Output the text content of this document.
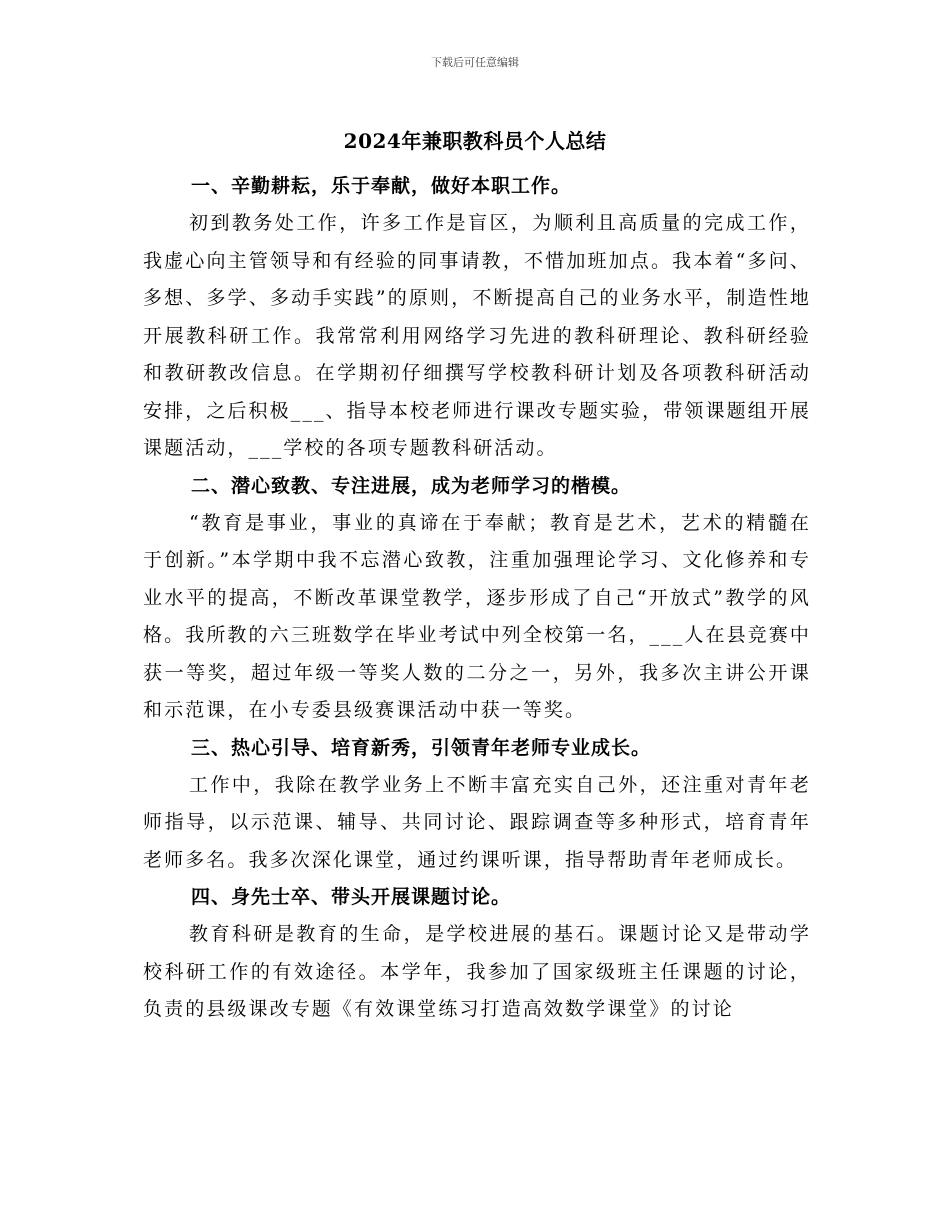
下载后可任意编辑
2024年兼职教科员个人总结

一、辛勤耕耘，乐于奉献，做好本职工作。

初到教务处工作，许多工作是盲区，为顺利且高质量的完成工作，我虚心向主管领导和有经验的同事请教，不惜加班加点。我本着“多问、多想、多学、多动手实践”的原则，不断提高自己的业务水平，制造性地开展教科研工作。我常常利用网络学习先进的教科研理论、教科研经验和教研教改信息。在学期初仔细撰写学校教科研计划及各项教科研活动安排，之后积极___、指导本校老师进行课改专题实验，带领课题组开展课题活动，___学校的各项专题教科研活动。

二、潜心致教、专注进展，成为老师学习的楷模。

“教育是事业，事业的真谛在于奉献；教育是艺术，艺术的精髓在于创新。”本学期中我不忘潜心致教，注重加强理论学习、文化修养和专业水平的提高，不断改革课堂教学，逐步形成了自己“开放式”教学的风格。我所教的六三班数学在毕业考试中列全校第一名，___人在县竞赛中获一等奖，超过年级一等奖人数的二分之一，另外，我多次主讲公开课和示范课，在小专委县级赛课活动中获一等奖。

三、热心引导、培育新秀，引领青年老师专业成长。

工作中，我除在教学业务上不断丰富充实自己外，还注重对青年老师指导，以示范课、辅导、共同讨论、跟踪调查等多种形式，培育青年老师多名。我多次深化课堂，通过约课听课，指导帮助青年老师成长。

四、身先士卒、带头开展课题讨论。

教育科研是教育的生命，是学校进展的基石。课题讨论又是带动学校科研工作的有效途径。本学年，我参加了国家级班主任课题的讨论，负责的县级课改专题《有效课堂练习打造高效数学课堂》的讨论
